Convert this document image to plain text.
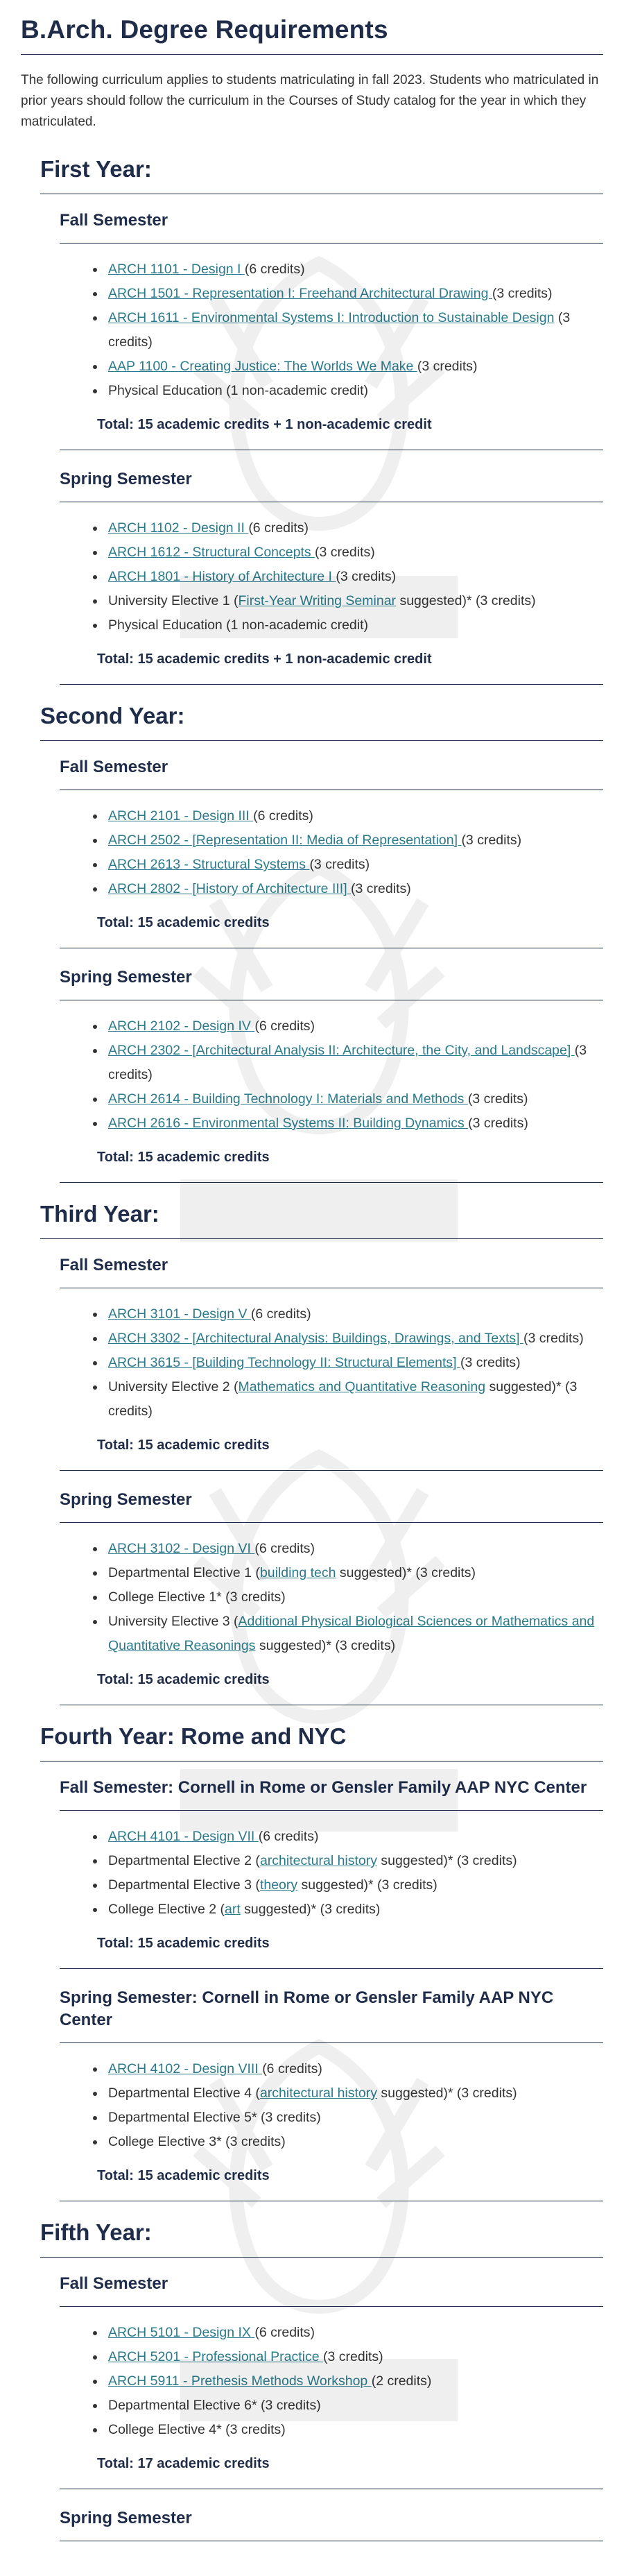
B.Arch. Degree Requirements

The following curriculum applies to students matriculating in fall 2023. Students who matriculated in prior years should follow the curriculum in the Courses of Study catalog for the year in which they matriculated.

First Year:
Fall Semester
• ARCH 1101 - Design I (6 credits)
• ARCH 1501 - Representation I: Freehand Architectural Drawing (3 credits)
• ARCH 1611 - Environmental Systems I: Introduction to Sustainable Design (3 credits)
• AAP 1100 - Creating Justice: The Worlds We Make (3 credits)
• Physical Education (1 non-academic credit)
Total: 15 academic credits + 1 non-academic credit
Spring Semester
• ARCH 1102 - Design II (6 credits)
• ARCH 1612 - Structural Concepts (3 credits)
• ARCH 1801 - History of Architecture I (3 credits)
• University Elective 1 (First-Year Writing Seminar suggested)* (3 credits)
• Physical Education (1 non-academic credit)
Total: 15 academic credits + 1 non-academic credit
Second Year:
Fall Semester
• ARCH 2101 - Design III (6 credits)
• ARCH 2502 - [Representation II: Media of Representation] (3 credits)
• ARCH 2613 - Structural Systems (3 credits)
• ARCH 2802 - [History of Architecture III] (3 credits)
Total: 15 academic credits
Spring Semester
• ARCH 2102 - Design IV (6 credits)
• ARCH 2302 - [Architectural Analysis II: Architecture, the City, and Landscape] (3 credits)
• ARCH 2614 - Building Technology I: Materials and Methods (3 credits)
• ARCH 2616 - Environmental Systems II: Building Dynamics (3 credits)
Total: 15 academic credits
Third Year:
Fall Semester
• ARCH 3101 - Design V (6 credits)
• ARCH 3302 - [Architectural Analysis: Buildings, Drawings, and Texts] (3 credits)
• ARCH 3615 - [Building Technology II: Structural Elements] (3 credits)
• University Elective 2 (Mathematics and Quantitative Reasoning suggested)* (3 credits)
Total: 15 academic credits
Spring Semester
• ARCH 3102 - Design VI (6 credits)
• Departmental Elective 1 (building tech suggested)* (3 credits)
• College Elective 1* (3 credits)
• University Elective 3 (Additional Physical Biological Sciences or Mathematics and Quantitative Reasonings suggested)* (3 credits)
Total: 15 academic credits
Fourth Year: Rome and NYC
Fall Semester: Cornell in Rome or Gensler Family AAP NYC Center
• ARCH 4101 - Design VII (6 credits)
• Departmental Elective 2 (architectural history suggested)* (3 credits)
• Departmental Elective 3 (theory suggested)* (3 credits)
• College Elective 2 (art suggested)* (3 credits)
Total: 15 academic credits
Spring Semester: Cornell in Rome or Gensler Family AAP NYC Center
• ARCH 4102 - Design VIII (6 credits)
• Departmental Elective 4 (architectural history suggested)* (3 credits)
• Departmental Elective 5* (3 credits)
• College Elective 3* (3 credits)
Total: 15 academic credits
Fifth Year:
Fall Semester
• ARCH 5101 - Design IX (6 credits)
• ARCH 5201 - Professional Practice (3 credits)
• ARCH 5911 - Prethesis Methods Workshop (2 credits)
• Departmental Elective 6* (3 credits)
• College Elective 4* (3 credits)
Total: 17 academic credits
Spring Semester
